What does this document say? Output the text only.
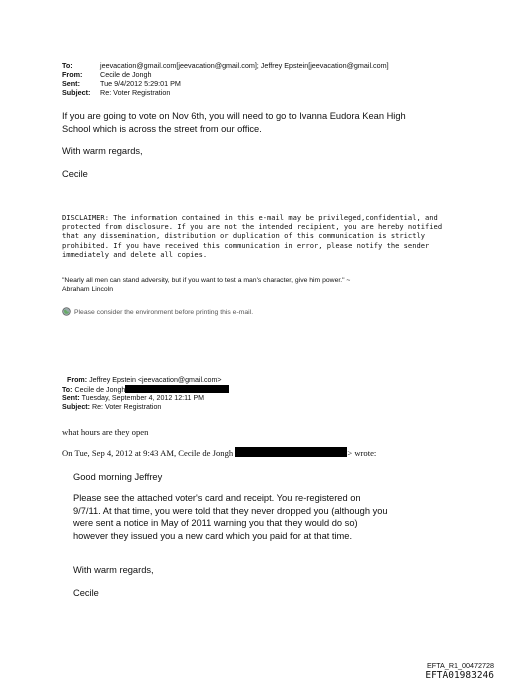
To:	jeevacation@gmail.com[jeevacation@gmail.com]; Jeffrey Epstein[jeevacation@gmail.com]
From: Cecile de Jongh
Sent:	Tue 9/4/2012 5:29:01 PM
Subject: Re: Voter Registration
If you are going to vote on Nov 6th, you will need to go to Ivanna Eudora Kean High
School which is across the street from our office.
With warm regards,
Cecile
DISCLAIMER: The information contained in this e-mail may be privileged,confidential, and
protected from disclosure. If you are not the intended recipient, you are hereby notified
that any dissemination, distribution or duplication of this communication is strictly
prohibited. If you have received this communication in error, please notify the sender
immediately and delete all copies.
"Nearly all men can stand adversity, but if you want to test a man's character, give him power." ~
Abraham Lincoln
Please consider the environment before printing this e-mail.
From: Jeffrey Epstein <jeevacation@gmail.com>
To: Cecile de Jongh
Sent: Tuesday, September 4, 2012 12:11 PM
Subject: Re: Voter Registration
what hours are they open
On Tue, Sep 4, 2012 at 9:43 AM, Cecile de Jongh	> wrote:
Good morning Jeffrey
Please see the attached voter's card and receipt. You re-registered on
9/7/11. At that time, you were told that they never dropped you (although you
were sent a notice in May of 2011 warning you that they would do so)
however they issued you a new card which you paid for at that time.
With warm regards,
Cecile
EFTA_R1_00472728
EFTA01983246
